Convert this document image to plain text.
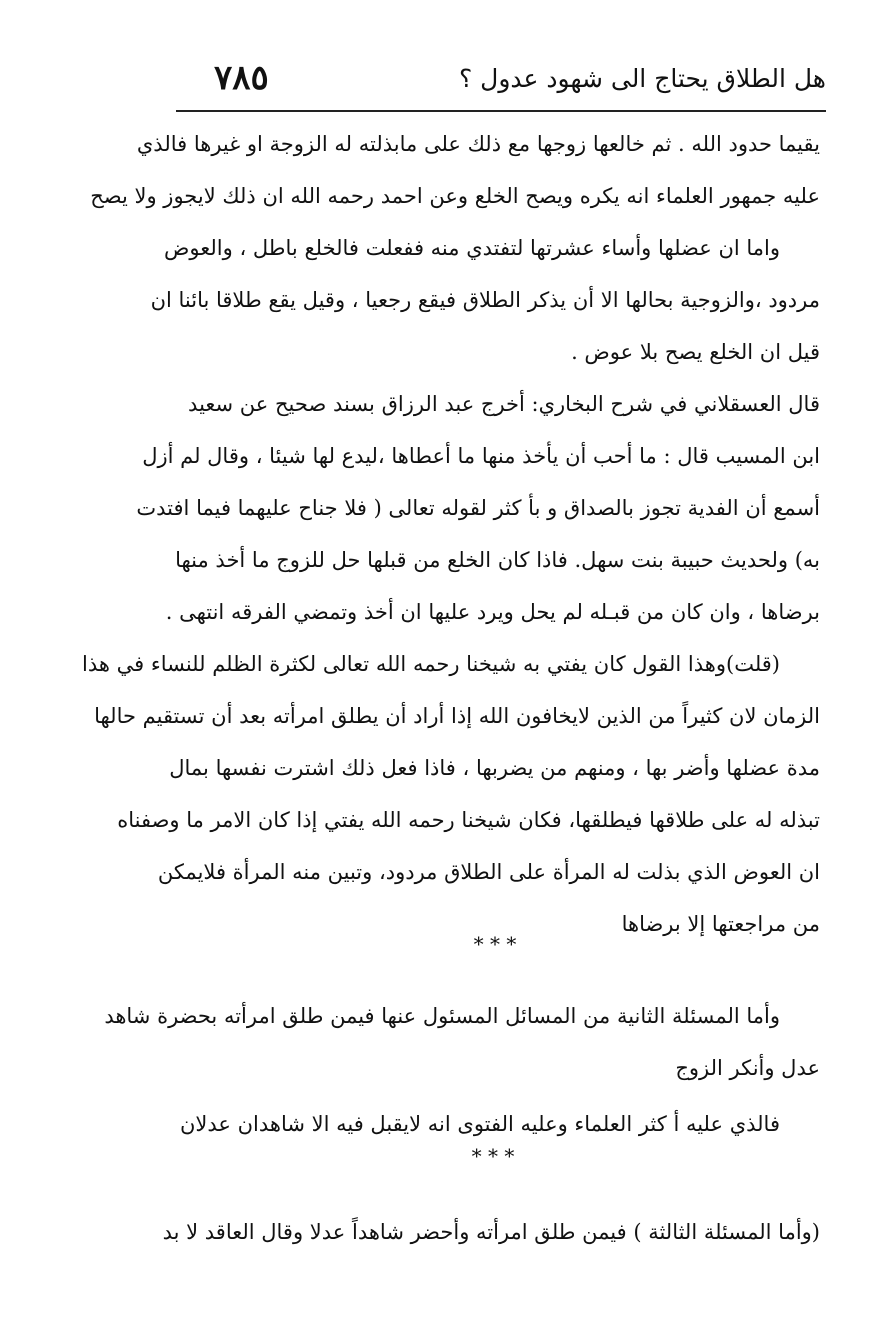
هل الطلاق يحتاج الى شهود عدول ؟
٧٨٥
يقيما حدود الله . ثم خالعها زوجها مع ذلك على مابذلته له الزوجة او غيرها فالذي
عليه جمهور العلماء انه يكره ويصح الخلع وعن احمد رحمه الله ان ذلك لايجوز ولا يصح
واما ان عضلها وأساء عشرتها لتفتدي منه ففعلت فالخلع باطل ، والعوض
مردود ،والزوجية بحالها الا أن يذكر الطلاق فيقع رجعيا ، وقيل يقع طلاقا بائنا ان
قيل ان الخلع يصح بلا عوض .
قال العسقلاني في شرح البخاري: أخرج عبد الرزاق بسند صحيح عن سعيد
ابن المسيب قال : ما أحب أن يأخذ منها ما أعطاها ،ليدع لها شيئا ، وقال لم أزل
أسمع أن الفدية تجوز بالصداق و بأ كثر لقوله تعالى ( فلا جناح عليهما فيما افتدت
به) ولحديث حبيبة بنت سهل. فاذا كان الخلع من قبلها حل للزوج ما أخذ منها
برضاها ، وان كان من قبـله لم يحل ويرد عليها ان أخذ وتمضي الفرقه انتهى .
(قلت)وهذا القول كان يفتي به شيخنا رحمه الله تعالى لكثرة الظلم للنساء في هذا
الزمان لان كثيراً من الذين لايخافون الله إذا أراد أن يطلق امرأته بعد أن تستقيم حالها
مدة عضلها وأضر بها ، ومنهم من يضربها ، فاذا فعل ذلك اشترت نفسها بمال
تبذله له على طلاقها فيطلقها، فكان شيخنا رحمه الله يفتي إذا كان الامر ما وصفناه
ان العوض الذي بذلت له المرأة على الطلاق مردود، وتبين منه المرأة فلايمكن
من مراجعتها إلا برضاها
* * *
وأما المسئلة الثانية من المسائل المسئول عنها فيمن طلق امرأته بحضرة شاهد
عدل وأنكر الزوج
فالذي عليه أ كثر العلماء وعليه الفتوى انه لايقبل فيه الا شاهدان عدلان
* * *
(وأما المسئلة الثالثة ) فيمن طلق امرأته وأحضر شاهداً عدلا وقال العاقد لا بد
